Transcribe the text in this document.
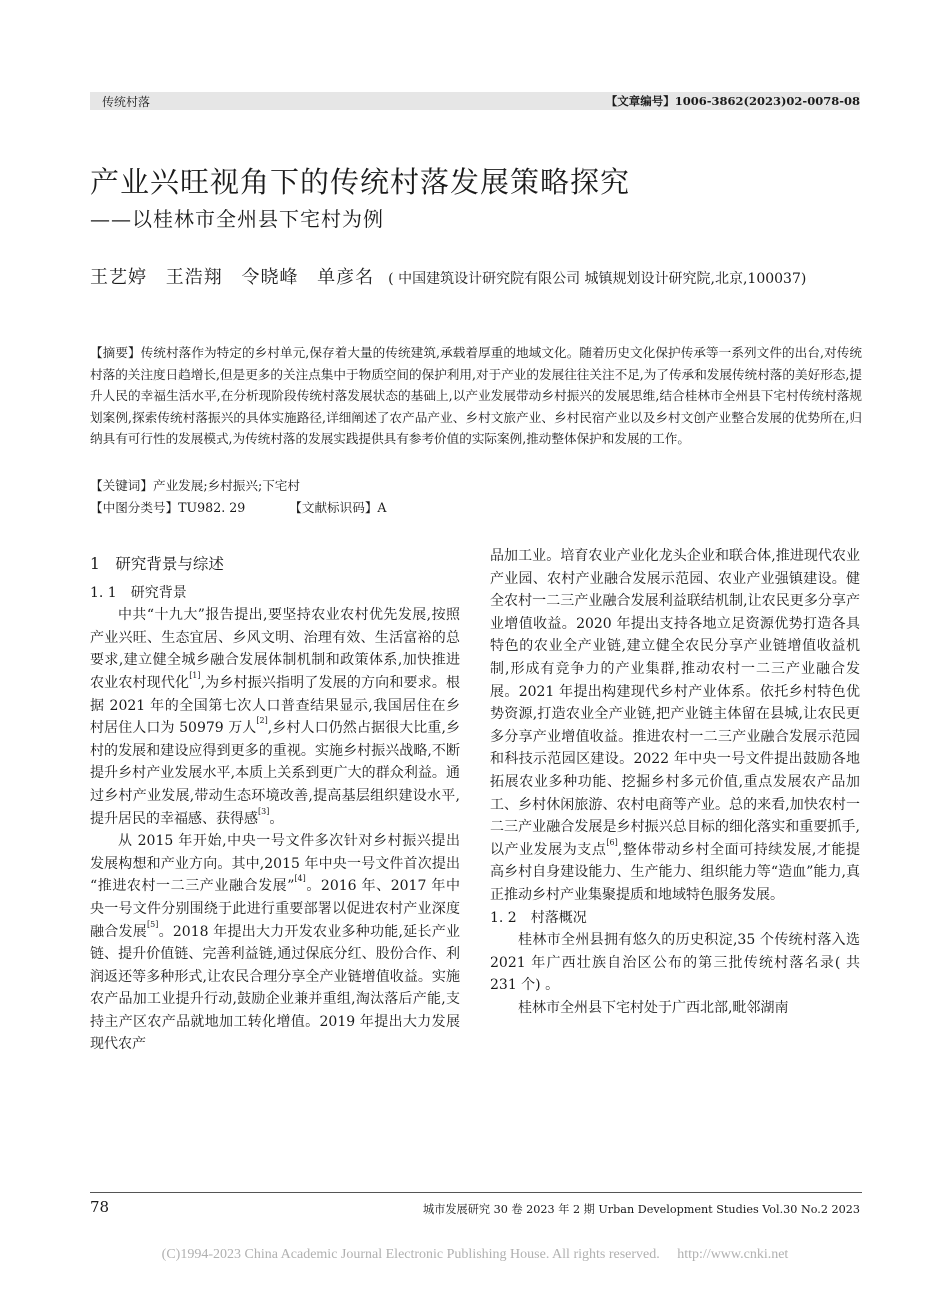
传统村落	【文章编号】1006-3862(2023)02-0078-08
产业兴旺视角下的传统村落发展策略探究
——以桂林市全州县下宅村为例
王艺婷 王浩翔 令晓峰 单彦名 ( 中国建筑设计研究院有限公司 城镇规划设计研究院,北京,100037)
【摘要】传统村落作为特定的乡村单元,保存着大量的传统建筑,承载着厚重的地域文化。随着历史文化保护传承等一系列文件的出台,对传统村落的关注度日趋增长,但是更多的关注点集中于物质空间的保护利用,对于产业的发展往往关注不足,为了传承和发展传统村落的美好形态,提升人民的幸福生活水平,在分析现阶段传统村落发展状态的基础上,以产业发展带动乡村振兴的发展思维,结合桂林市全州县下宅村传统村落规划案例,探索传统村落振兴的具体实施路径,详细阐述了农产品产业、乡村文旅产业、乡村民宿产业以及乡村文创产业整合发展的优势所在,归纳具有可行性的发展模式,为传统村落的发展实践提供具有参考价值的实际案例,推动整体保护和发展的工作。
【关键词】产业发展;乡村振兴;下宅村
【中图分类号】TU982. 29	【文献标识码】A
1　研究背景与综述
1. 1　研究背景

中共“十九大”报告提出,要坚持农业农村优先发展,按照产业兴旺、生态宜居、乡风文明、治理有效、生活富裕的总要求,建立健全城乡融合发展体制机制和政策体系,加快推进农业农村现代化[1],为乡村振兴指明了发展的方向和要求。根据 2021 年的全国第七次人口普查结果显示,我国居住在乡村居住人口为 50979 万人[2],乡村人口仍然占据很大比重,乡村的发展和建设应得到更多的重视。实施乡村振兴战略,不断提升乡村产业发展水平,本质上关系到更广大的群众利益。通过乡村产业发展,带动生态环境改善,提高基层组织建设水平,提升居民的幸福感、获得感[3]。

从 2015 年开始,中央一号文件多次针对乡村振兴提出发展构想和产业方向。其中,2015 年中央一号文件首次提出 “推进农村一二三产业融合发展”[4]。2016 年、2017 年中央一号文件分别围绕于此进行重要部署以促进农村产业深度融合发展[5]。2018 年提出大力开发农业多种功能,延长产业链、提升价值链、完善利益链,通过保底分红、股份合作、利润返还等多种形式,让农民合理分享全产业链增值收益。实施农产品加工业提升行动,鼓励企业兼并重组,淘汰落后产能,支持主产区农产品就地加工转化增值。2019 年提出大力发展现代农产

品加工业。培育农业产业化龙头企业和联合体,推进现代农业产业园、农村产业融合发展示范园、农业产业强镇建设。健全农村一二三产业融合发展利益联结机制,让农民更多分享产业增值收益。2020 年提出支持各地立足资源优势打造各具特色的农业全产业链,建立健全农民分享产业链增值收益机制,形成有竞争力的产业集群,推动农村一二三产业融合发展。2021 年提出构建现代乡村产业体系。依托乡村特色优势资源,打造农业全产业链,把产业链主体留在县城,让农民更多分享产业增值收益。推进农村一二三产业融合发展示范园和科技示范园区建设。2022 年中央一号文件提出鼓励各地拓展农业多种功能、挖掘乡村多元价值,重点发展农产品加工、乡村休闲旅游、农村电商等产业。总的来看,加快农村一二三产业融合发展是乡村振兴总目标的细化落实和重要抓手,以产业发展为支点[6],整体带动乡村全面可持续发展,才能提高乡村自身建设能力、生产能力、组织能力等“造血”能力,真正推动乡村产业集聚提质和地域特色服务发展。

1. 2　村落概况

桂林市全州县拥有悠久的历史积淀,35 个传统村落入选 2021 年广西壮族自治区公布的第三批传统村落名录( 共 231 个) 。

桂林市全州县下宅村处于广西北部,毗邻湖南

78	城市发展研究 30 卷 2023 年 2 期 Urban Development Studies Vol.30 No.2 2023
(C)1994-2023 China Academic Journal Electronic Publishing House. All rights reserved.　 http://www.cnki.net
